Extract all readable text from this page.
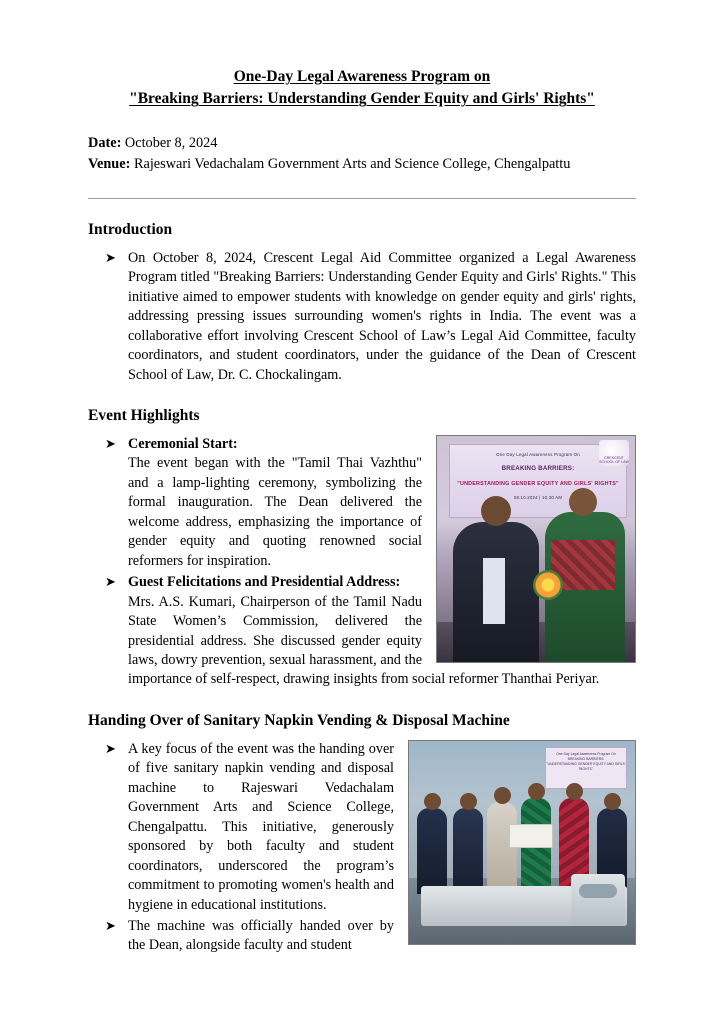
One-Day Legal Awareness Program on
"Breaking Barriers: Understanding Gender Equity and Girls' Rights"
Date: October 8, 2024
Venue: Rajeswari Vedachalam Government Arts and Science College, Chengalpattu
Introduction
➤ On October 8, 2024, Crescent Legal Aid Committee organized a Legal Awareness Program titled "Breaking Barriers: Understanding Gender Equity and Girls' Rights." This initiative aimed to empower students with knowledge on gender equity and girls' rights, addressing pressing issues surrounding women's rights in India. The event was a collaborative effort involving Crescent School of Law’s Legal Aid Committee, faculty coordinators, and student coordinators, under the guidance of the Dean of Crescent School of Law, Dr. C. Chockalingam.
Event Highlights
One Day Legal Awareness Program On
BREAKING BARRIERS:
"UNDERSTANDING GENDER EQUITY AND GIRLS' RIGHTS"
08.10.2024 | 10.30 AM
CRESCENT SCHOOL OF LAW
➤ Ceremonial Start:
The event began with the "Tamil Thai Vazhthu" and a lamp-lighting ceremony, symbolizing the formal inauguration. The Dean delivered the welcome address, emphasizing the importance of gender equity and quoting renowned social reformers for inspiration.
➤ Guest Felicitations and Presidential Address:
Mrs. A.S. Kumari, Chairperson of the Tamil Nadu State Women’s Commission, delivered the presidential address. She discussed gender equity laws, dowry prevention, sexual harassment, and the importance of self-respect, drawing insights from social reformer Thanthai Periyar.
Handing Over of Sanitary Napkin Vending & Disposal Machine
One Day Legal Awareness Program On
BREAKING BARRIERS:
"UNDERSTANDING GENDER EQUITY AND GIRLS' RIGHTS"
➤ A key focus of the event was the handing over of five sanitary napkin vending and disposal machine to Rajeswari Vedachalam Government Arts and Science College, Chengalpattu. This initiative, generously sponsored by both faculty and student coordinators, underscored the program’s commitment to promoting women's health and hygiene in educational institutions.
➤ The machine was officially handed over by the Dean, alongside faculty and student
